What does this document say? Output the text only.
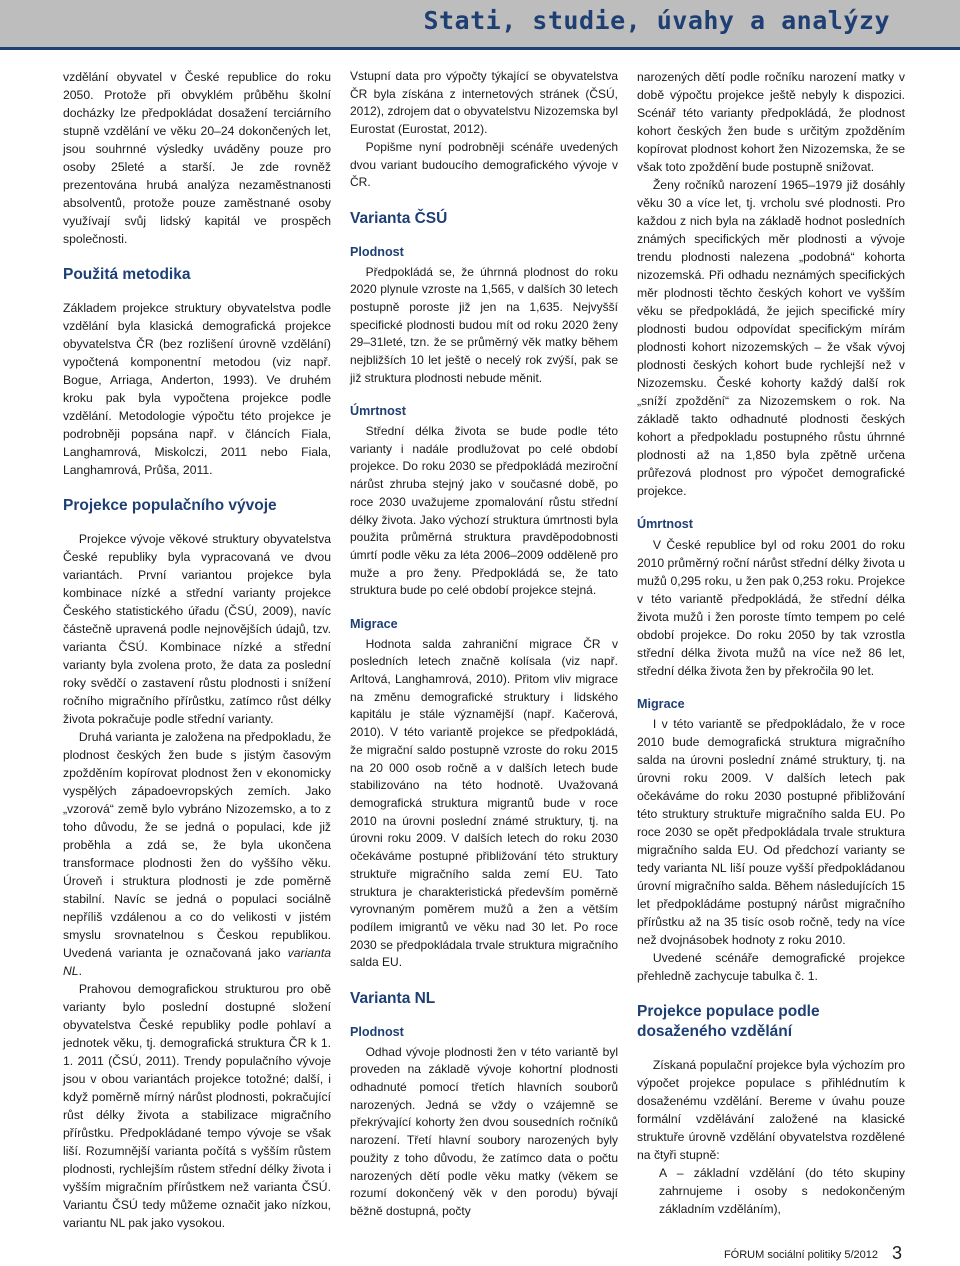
Stati, studie, úvahy a analýzy

vzdělání obyvatel v České republice do roku 2050. Protože při obvyklém průběhu školní docházky lze předpokládat dosažení terciárního stupně vzdělání ve věku 20–24 dokončených let, jsou souhrnné výsledky uváděny pouze pro osoby 25leté a starší. Je zde rovněž prezentována hrubá analýza nezaměstnanosti absolventů, protože pouze zaměstnané osoby využívají svůj lidský kapitál ve prospěch společnosti.

Použitá metodika

Základem projekce struktury obyvatelstva podle vzdělání byla klasická demografická projekce obyvatelstva ČR (bez rozlišení úrovně vzdělání) vypočtená komponentní metodou (viz např. Bogue, Arriaga, Anderton, 1993). Ve druhém kroku pak byla vypočtena projekce podle vzdělání. Metodologie výpočtu této projekce je podrobněji popsána např. v článcích Fiala, Langhamrová, Miskolczi, 2011 nebo Fiala, Langhamrová, Průša, 2011.

Projekce populačního vývoje

Projekce vývoje věkové struktury obyvatelstva České republiky byla vypracovaná ve dvou variantách. První variantou projekce byla kombinace nízké a střední varianty projekce Českého statistického úřadu (ČSÚ, 2009), navíc částečně upravená podle nejnovějších údajů, tzv. varianta ČSÚ. Kombinace nízké a střední varianty byla zvolena proto, že data za poslední roky svědčí o zastavení růstu plodnosti i snížení ročního migračního přírůstku, zatímco růst délky života pokračuje podle střední varianty.

Druhá varianta je založena na předpokladu, že plodnost českých žen bude s jistým časovým zpožděním kopírovat plodnost žen v ekonomicky vyspělých západoevropských zemích. Jako „vzorová“ země bylo vybráno Nizozemsko, a to z toho důvodu, že se jedná o populaci, kde již proběhla a zdá se, že byla ukončena transformace plodnosti žen do vyššího věku. Úroveň i struktura plodnosti je zde poměrně stabilní. Navíc se jedná o populaci sociálně nepříliš vzdálenou a co do velikosti v jistém smyslu srovnatelnou s Českou republikou. Uvedená varianta je označovaná jako varianta NL.

Prahovou demografickou strukturou pro obě varianty bylo poslední dostupné složení obyvatelstva České republiky podle pohlaví a jednotek věku, tj. demografická struktura ČR k 1. 1. 2011 (ČSÚ, 2011). Trendy populačního vývoje jsou v obou variantách projekce totožné; další, i když poměrně mírný nárůst plodnosti, pokračující růst délky života a stabilizace migračního přírůstku. Předpokládané tempo vývoje se však liší. Rozumnější varianta počítá s vyšším růstem plodnosti, rychlejším růstem střední délky života i vyšším migračním přírůstkem než varianta ČSÚ. Variantu ČSÚ tedy můžeme označit jako nízkou, variantu NL pak jako vysokou.

Vstupní data pro výpočty týkající se obyvatelstva ČR byla získána z internetových stránek (ČSÚ, 2012), zdrojem dat o obyvatelstvu Nizozemska byl Eurostat (Eurostat, 2012).

Popišme nyní podrobněji scénáře uvedených dvou variant budoucího demografického vývoje v ČR.

Varianta ČSÚ
Plodnost

Předpokládá se, že úhrnná plodnost do roku 2020 plynule vzroste na 1,565, v dalších 30 letech postupně poroste již jen na 1,635. Nejvyšší specifické plodnosti budou mít od roku 2020 ženy 29–31leté, tzn. že se průměrný věk matky během nejbližších 10 let ještě o necelý rok zvýší, pak se již struktura plodnosti nebude měnit.

Úmrtnost

Střední délka života se bude podle této varianty i nadále prodlužovat po celé období projekce. Do roku 2030 se předpokládá meziroční nárůst zhruba stejný jako v současné době, po roce 2030 uvažujeme zpomalování růstu střední délky života. Jako výchozí struktura úmrtnosti byla použita průměrná struktura pravděpodobnosti úmrtí podle věku za léta 2006–2009 odděleně pro muže a pro ženy. Předpokládá se, že tato struktura bude po celé období projekce stejná.

Migrace

Hodnota salda zahraniční migrace ČR v posledních letech značně kolísala (viz např. Arltová, Langhamrová, 2010). Přitom vliv migrace na změnu demografické struktury i lidského kapitálu je stále významější (např. Kačerová, 2010). V této variantě projekce se předpokládá, že migrační saldo postupně vzroste do roku 2015 na 20 000 osob ročně a v dalších letech bude stabilizováno na této hodnotě. Uvažovaná demografická struktura migrantů bude v roce 2010 na úrovni poslední známé struktury, tj. na úrovni roku 2009. V dalších letech do roku 2030 očekáváme postupné přibližování této struktury struktuře migračního salda zemí EU. Tato struktura je charakteristická především poměrně vyrovnaným poměrem mužů a žen a větším podílem imigrantů ve věku nad 30 let. Po roce 2030 se předpokládala trvale struktura migračního salda EU.

Varianta NL
Plodnost

Odhad vývoje plodnosti žen v této variantě byl proveden na základě vývoje kohortní plodnosti odhadnuté pomocí třetích hlavních souborů narozených. Jedná se vždy o vzájemně se překrývající kohorty žen dvou sousedních ročníků narození. Třetí hlavní soubory narozených byly použity z toho důvodu, že zatímco data o počtu narozených dětí podle věku matky (věkem se rozumí dokončený věk v den porodu) bývají běžně dostupná, počty

narozených dětí podle ročníku narození matky v době výpočtu projekce ještě nebyly k dispozici. Scénář této varianty předpokládá, že plodnost kohort českých žen bude s určitým zpožděním kopírovat plodnost kohort žen Nizozemska, že se však toto zpoždění bude postupně snižovat.

Ženy ročníků narození 1965–1979 již dosáhly věku 30 a více let, tj. vrcholu své plodnosti. Pro každou z nich byla na základě hodnot posledních známých specifických měr plodnosti a vývoje trendu plodnosti nalezena „podobná“ kohorta nizozemská. Při odhadu neznámých specifických měr plodnosti těchto českých kohort ve vyšším věku se předpokládá, že jejich specifické míry plodnosti budou odpovídat specifickým mírám plodnosti kohort nizozemských – že však vývoj plodnosti českých kohort bude rychlejší než v Nizozemsku. České kohorty každý další rok „sníží zpoždění“ za Nizozemskem o rok. Na základě takto odhadnuté plodnosti českých kohort a předpokladu postupného růstu úhrnné plodnosti až na 1,850 byla zpětně určena průřezová plodnost pro výpočet demografické projekce.

Úmrtnost

V České republice byl od roku 2001 do roku 2010 průměrný roční nárůst střední délky života u mužů 0,295 roku, u žen pak 0,253 roku. Projekce v této variantě předpokládá, že střední délka života mužů i žen poroste tímto tempem po celé období projekce. Do roku 2050 by tak vzrostla střední délka života mužů na více než 86 let, střední délka života žen by překročila 90 let.

Migrace

I v této variantě se předpokládalo, že v roce 2010 bude demografická struktura migračního salda na úrovni poslední známé struktury, tj. na úrovni roku 2009. V dalších letech pak očekáváme do roku 2030 postupné přibližování této struktury struktuře migračního salda EU. Po roce 2030 se opět předpokládala trvale struktura migračního salda EU. Od předchozí varianty se tedy varianta NL liší pouze vyšší předpokládanou úrovní migračního salda. Během následujících 15 let předpokládáme postupný nárůst migračního přírůstku až na 35 tisíc osob ročně, tedy na více než dvojnásobek hodnoty z roku 2010.

Uvedené scénáře demografické projekce přehledně zachycuje tabulka č. 1.

Projekce populace podle dosaženého vzdělání

Získaná populační projekce byla výchozím pro výpočet projekce populace s přihlédnutím k dosaženému vzdělání. Bereme v úvahu pouze formální vzdělávání založené na klasické struktuře úrovně vzdělání obyvatelstva rozdělené na čtyři stupně:

A – základní vzdělání (do této skupiny zahrnujeme i osoby s nedokončeným základním vzděláním),

FÓRUM sociální politiky 5/2012 3
